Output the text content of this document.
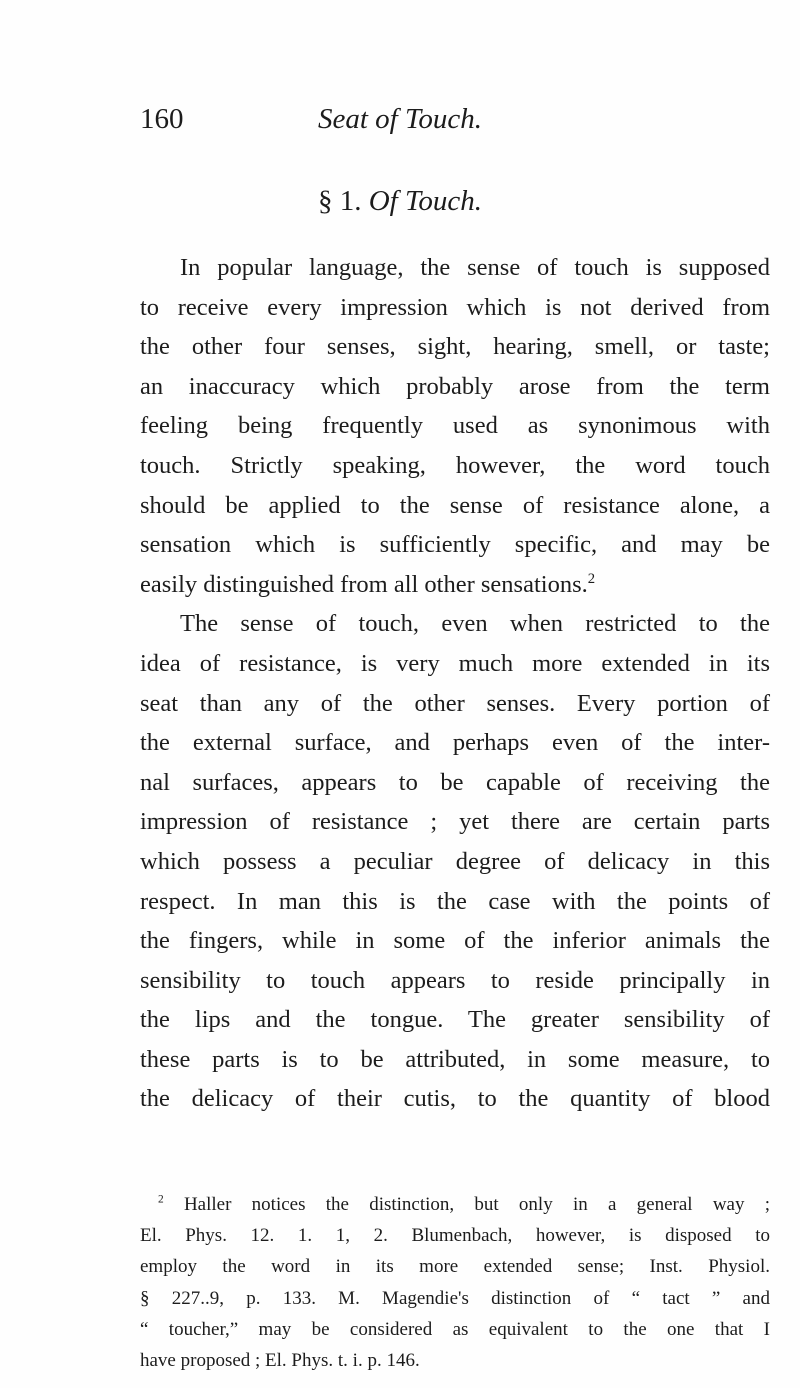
160	Seat of Touch.
§ 1. Of Touch.
In popular language, the sense of touch is supposed
to receive every impression which is not derived from
the other four senses, sight, hearing, smell, or taste;
an inaccuracy which probably arose from the term
feeling being frequently used as synonimous with
touch. Strictly speaking, however, the word touch
should be applied to the sense of resistance alone, a
sensation which is sufficiently specific, and may be
easily distinguished from all other sensations.$^2$
The sense of touch, even when restricted to the
idea of resistance, is very much more extended in its
seat than any of the other senses. Every portion of
the external surface, and perhaps even of the inter-
nal surfaces, appears to be capable of receiving the
impression of resistance ; yet there are certain parts
which possess a peculiar degree of delicacy in this
respect. In man this is the case with the points of
the fingers, while in some of the inferior animals the
sensibility to touch appears to reside principally in
the lips and the tongue. The greater sensibility of
these parts is to be attributed, in some measure, to
the delicacy of their cutis, to the quantity of blood
$^2$ Haller notices the distinction, but only in a general way ;
El. Phys. 12. 1. 1, 2. Blumenbach, however, is disposed to
employ the word in its more extended sense; Inst. Physiol.
§ 227..9, p. 133. M. Magendie's distinction of “ tact ” and
“ toucher,” may be considered as equivalent to the one that I
have proposed ; El. Phys. t. i. p. 146.
